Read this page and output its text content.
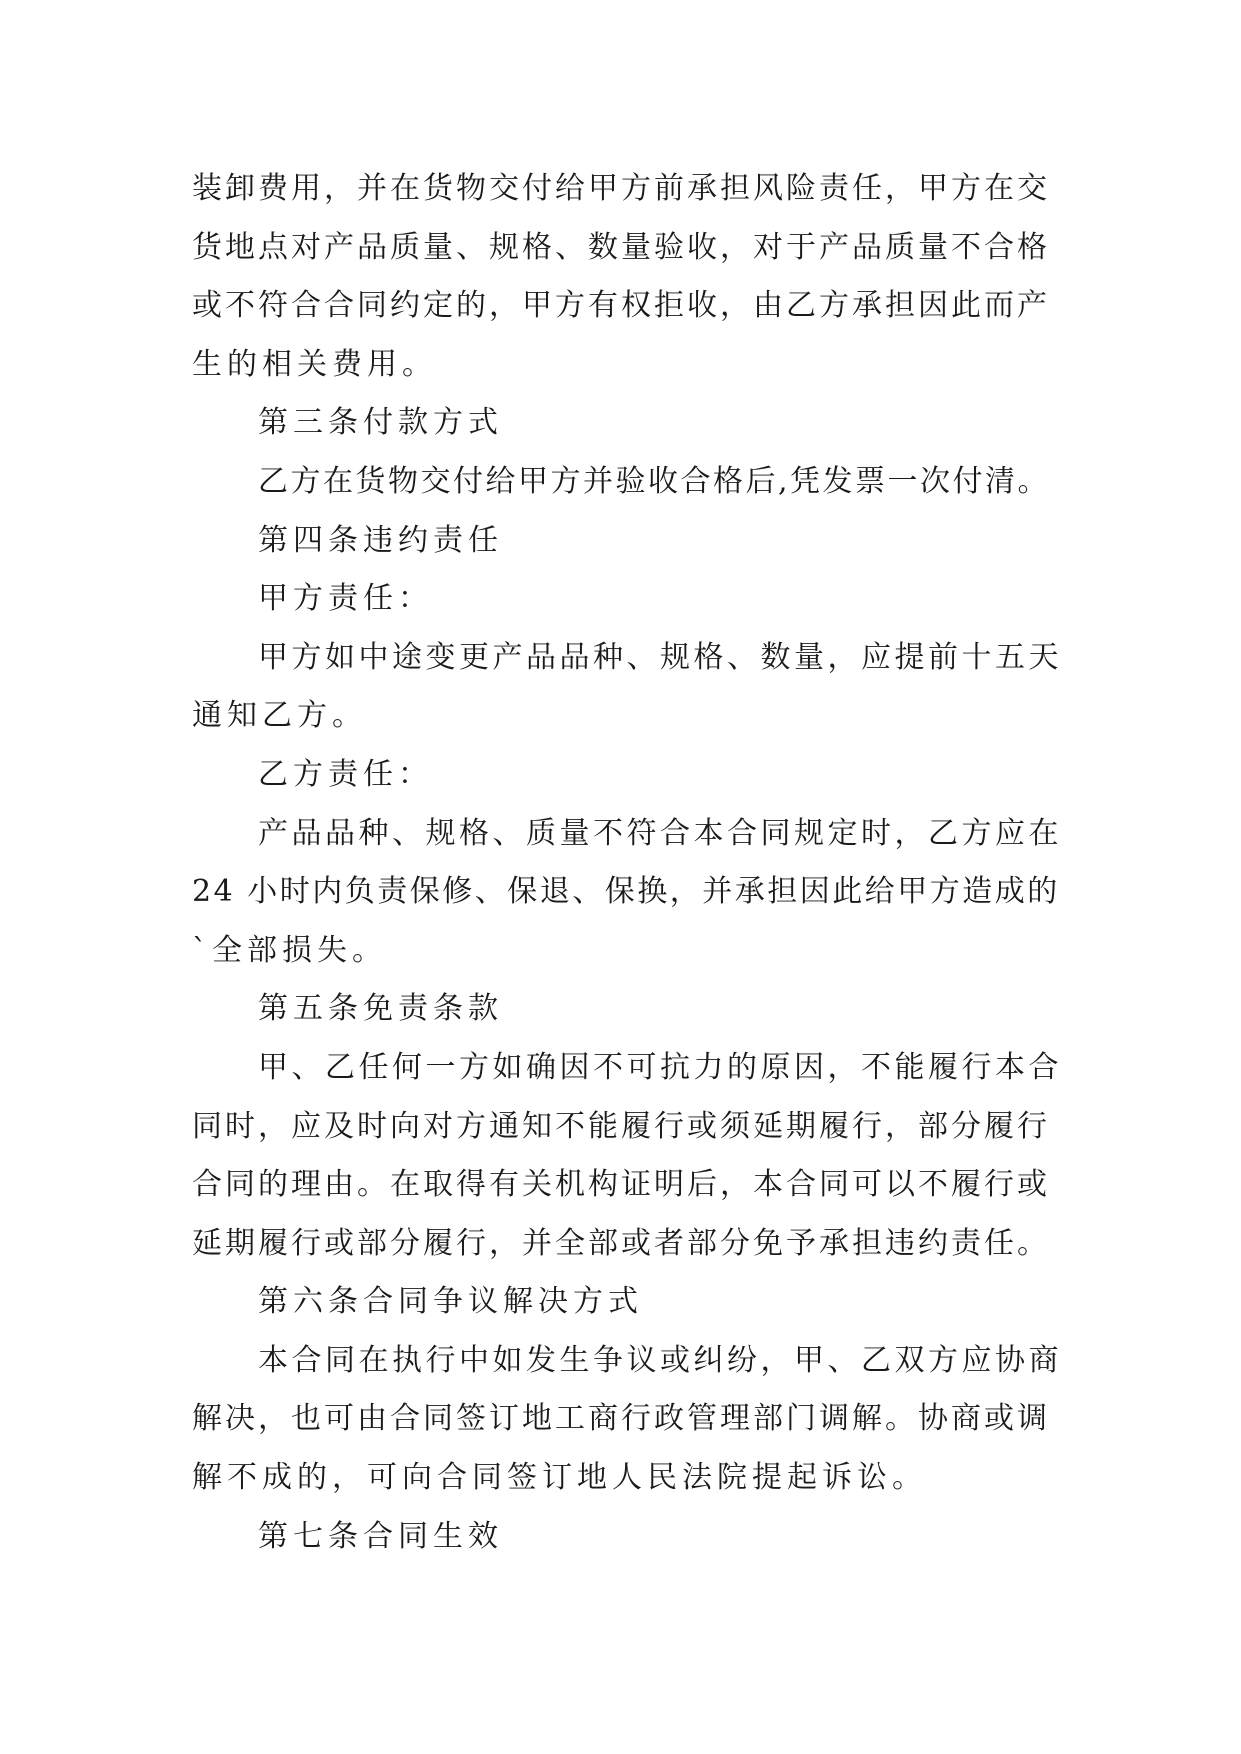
装卸费用，并在货物交付给甲方前承担风险责任，甲方在交
货地点对产品质量、规格、数量验收，对于产品质量不合格
或不符合合同约定的，甲方有权拒收，由乙方承担因此而产
生的相关费用。
第三条付款方式
乙方在货物交付给甲方并验收合格后,凭发票一次付清。
第四条违约责任
甲方责任：
甲方如中途变更产品品种、规格、数量，应提前十五天
通知乙方。
乙方责任：
产品品种、规格、质量不符合本合同规定时，乙方应在
24 小时内负责保修、保退、保换，并承担因此给甲方造成的
`全部损失。
第五条免责条款
甲、乙任何一方如确因不可抗力的原因，不能履行本合
同时，应及时向对方通知不能履行或须延期履行，部分履行
合同的理由。在取得有关机构证明后，本合同可以不履行或
延期履行或部分履行，并全部或者部分免予承担违约责任。
第六条合同争议解决方式
本合同在执行中如发生争议或纠纷，甲、乙双方应协商
解决，也可由合同签订地工商行政管理部门调解。协商或调
解不成的，可向合同签订地人民法院提起诉讼。
第七条合同生效
